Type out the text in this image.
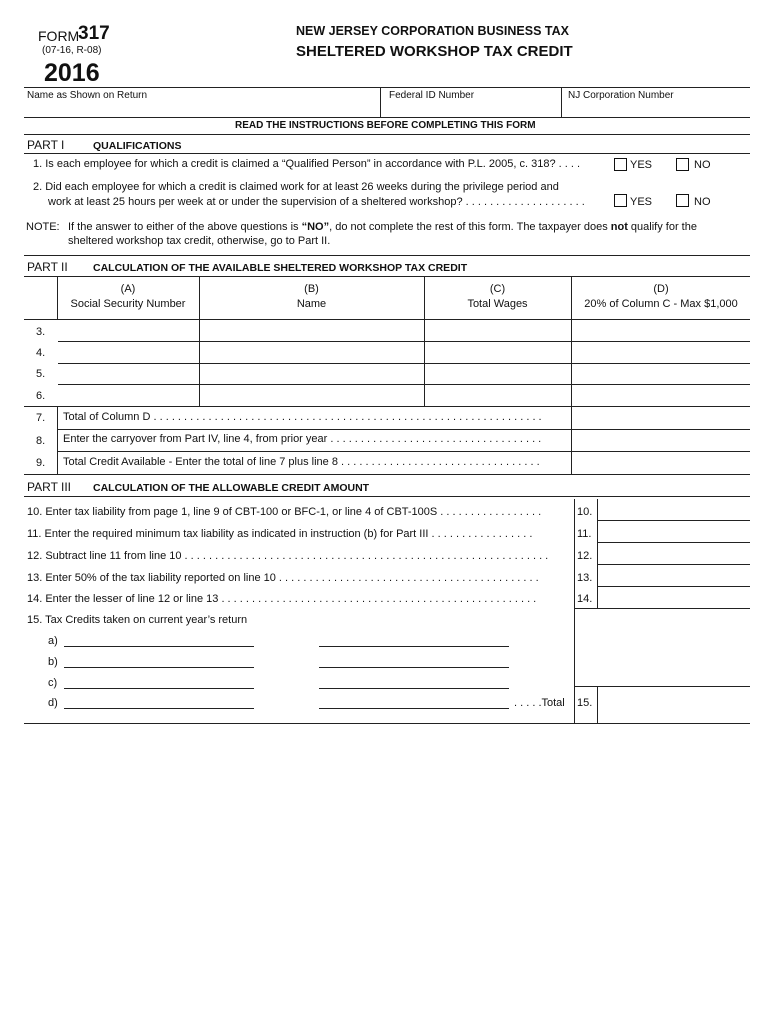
FORM
317
(07-16, R-08)
2016
NEW JERSEY CORPORATION BUSINESS TAX
SHELTERED WORKSHOP TAX CREDIT
Name as Shown on Return	Federal ID Number	NJ Corporation Number
READ THE INSTRUCTIONS BEFORE COMPLETING THIS FORM
PART I	QUALIFICATIONS
1. Is each employee for which a credit is claimed a “Qualified Person” in accordance with P.L. 2005, c. 318? . . . .	YES	NO
2. Did each employee for which a credit is claimed work for at least 26 weeks during the privilege period and
work at least 25 hours per week at or under the supervision of a sheltered workshop? . . . . . . . . . . . . . . . . . . . .	YES	NO
NOTE: If the answer to either of the above questions is “NO”, do not complete the rest of this form. The taxpayer does not qualify for the
sheltered workshop tax credit, otherwise, go to Part II.
PART II CALCULATION OF THE AVAILABLE SHELTERED WORKSHOP TAX CREDIT
(A)
Social Security Number
(B)
Name
(C)
Total Wages
(D)
20% of Column C - Max $1,000
3.
4.
5.
6.
7. Total of Column D . . . . . . . . . . . . . . . . . . . . . . . . . . . . . . . . . . . . . . . . . . . . . . . . . . . . . . . . . . . . . . . .
8. Enter the carryover from Part IV, line 4, from prior year . . . . . . . . . . . . . . . . . . . . . . . . . . . . . . . . . . .
9. Total Credit Available - Enter the total of line 7 plus line 8 . . . . . . . . . . . . . . . . . . . . . . . . . . . . . . . . .
PART III CALCULATION OF THE ALLOWABLE CREDIT AMOUNT
10. Enter tax liability from page 1, line 9 of CBT-100 or BFC-1, or line 4 of CBT-100S . . . . . . . . . . . . . . . . .	10.
11. Enter the required minimum tax liability as indicated in instruction (b) for Part III . . . . . . . . . . . . . . . . .	11.
12. Subtract line 11 from line 10 . . . . . . . . . . . . . . . . . . . . . . . . . . . . . . . . . . . . . . . . . . . . . . . . . . . . . . . . . . . .	12.
13. Enter 50% of the tax liability reported on line 10 . . . . . . . . . . . . . . . . . . . . . . . . . . . . . . . . . . . . . . . . . . .	13.
14. Enter the lesser of line 12 or line 13 . . . . . . . . . . . . . . . . . . . . . . . . . . . . . . . . . . . . . . . . . . . . . . . . . . . .	14.
15. Tax Credits taken on current year’s return
a)
b)
c)
d)	. . . . .Total 15.
